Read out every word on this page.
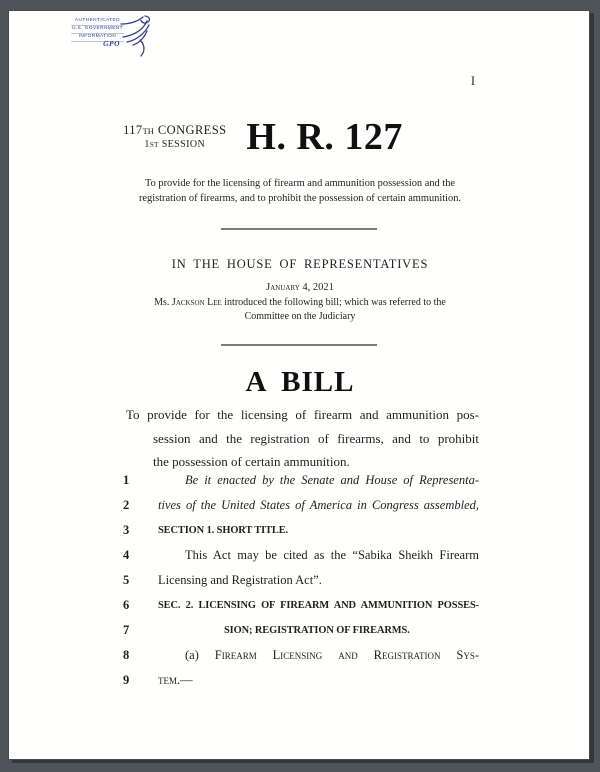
AUTHENTICATED
U.S. GOVERNMENT
INFORMATION
GPO
I
117TH CONGRESS
1ST SESSION	H. R. 127
To provide for the licensing of firearm and ammunition possession and the
registration of firearms, and to prohibit the possession of certain ammunition.
IN THE HOUSE OF REPRESENTATIVES
January 4, 2021
Ms. Jackson Lee introduced the following bill; which was referred to the
Committee on the Judiciary
A BILL
To provide for the licensing of firearm and ammunition pos-
session and the registration of firearms, and to prohibit
the possession of certain ammunition.
1	Be it enacted by the Senate and House of Representa-
2	tives of the United States of America in Congress assembled,
3	SECTION 1. SHORT TITLE.
4	This Act may be cited as the “Sabika Sheikh Firearm
5	Licensing and Registration Act”.
6	SEC. 2. LICENSING OF FIREARM AND AMMUNITION POSSES-
7	SION; REGISTRATION OF FIREARMS.
8	(a) Firearm Licensing and Registration Sys-
9	tem.—
